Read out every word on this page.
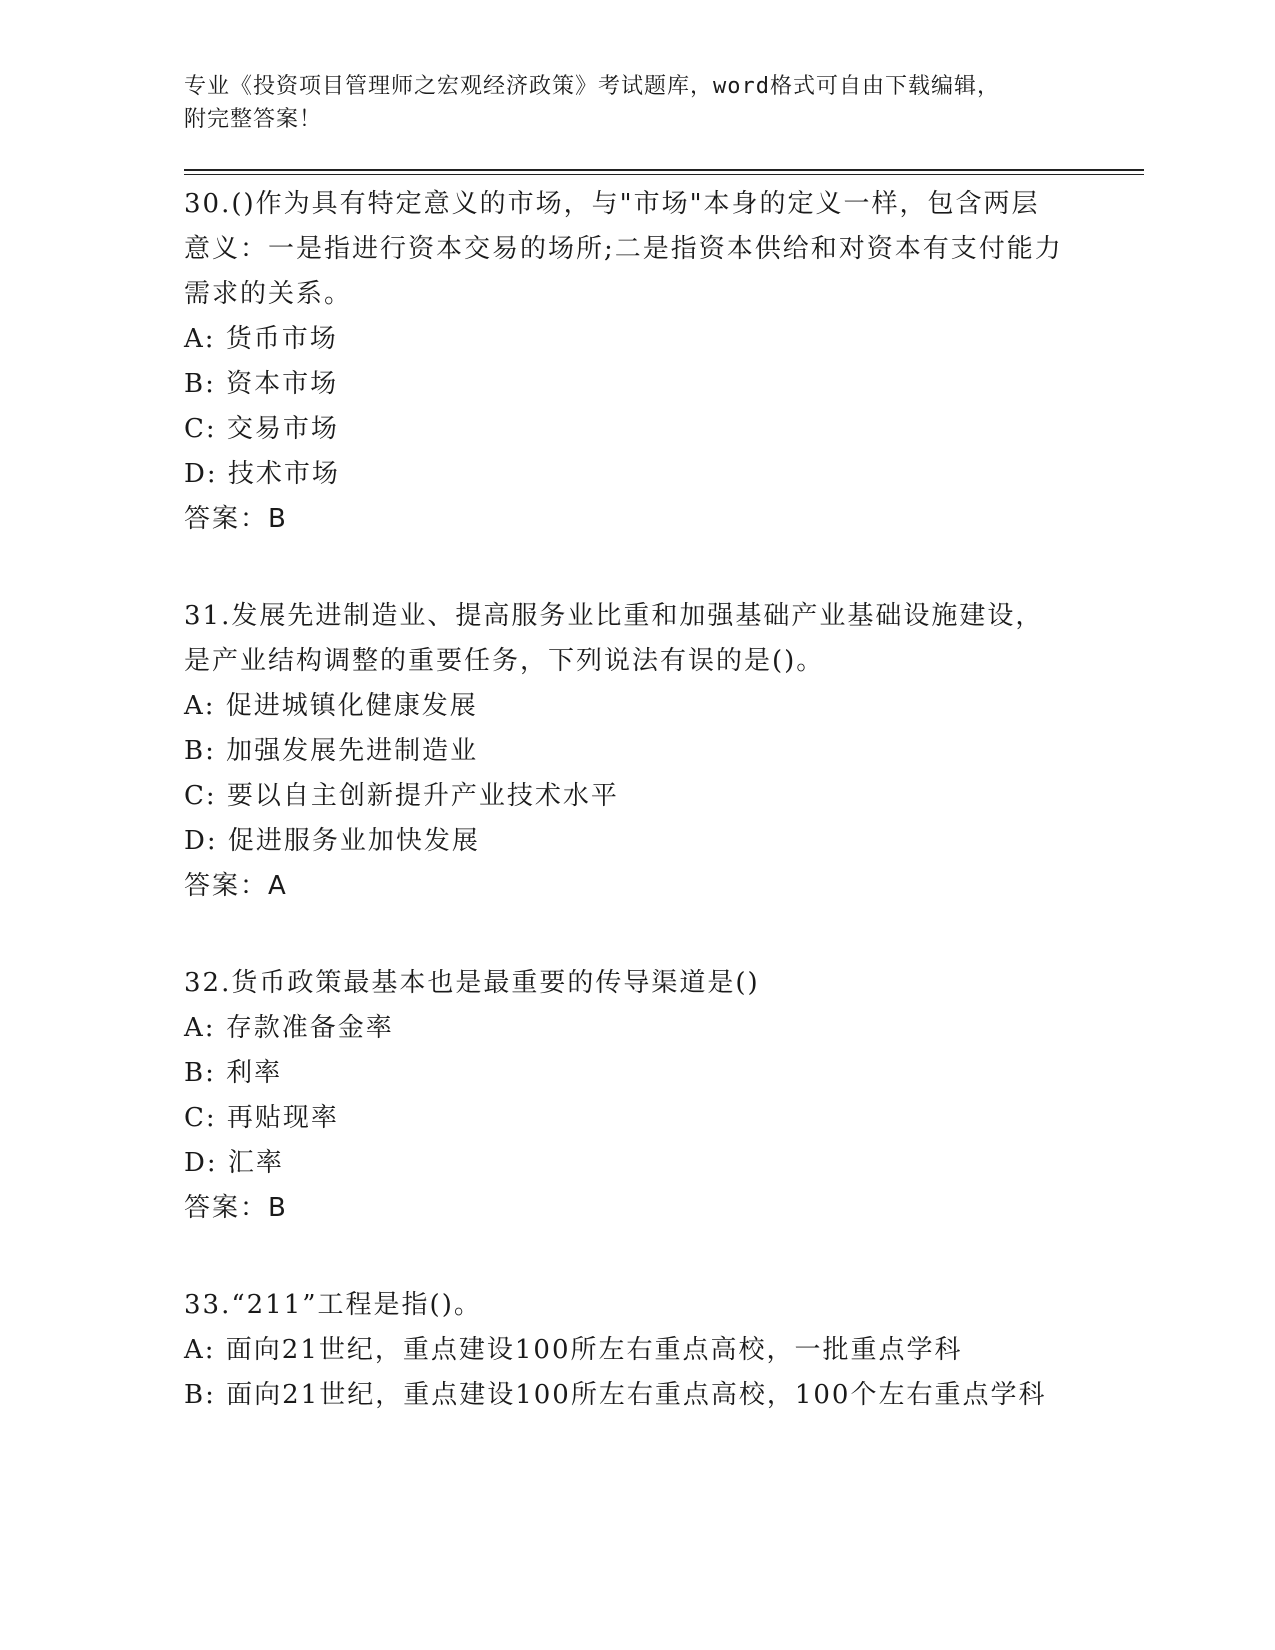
专业《投资项目管理师之宏观经济政策》考试题库，word格式可自由下载编辑，
附完整答案！
30.()作为具有特定意义的市场，与"市场"本身的定义一样，包含两层意义：一是指进行资本交易的场所;二是指资本供给和对资本有支付能力需求的关系。
A: 货币市场
B: 资本市场
C: 交易市场
D: 技术市场
答案：B
31.发展先进制造业、提高服务业比重和加强基础产业基础设施建设，是产业结构调整的重要任务，下列说法有误的是()。
A: 促进城镇化健康发展
B: 加强发展先进制造业
C: 要以自主创新提升产业技术水平
D: 促进服务业加快发展
答案：A
32.货币政策最基本也是最重要的传导渠道是()
A: 存款准备金率
B: 利率
C: 再贴现率
D: 汇率
答案：B
33.“211”工程是指()。
A: 面向21世纪，重点建设100所左右重点高校，一批重点学科
B: 面向21世纪，重点建设100所左右重点高校，100个左右重点学科
